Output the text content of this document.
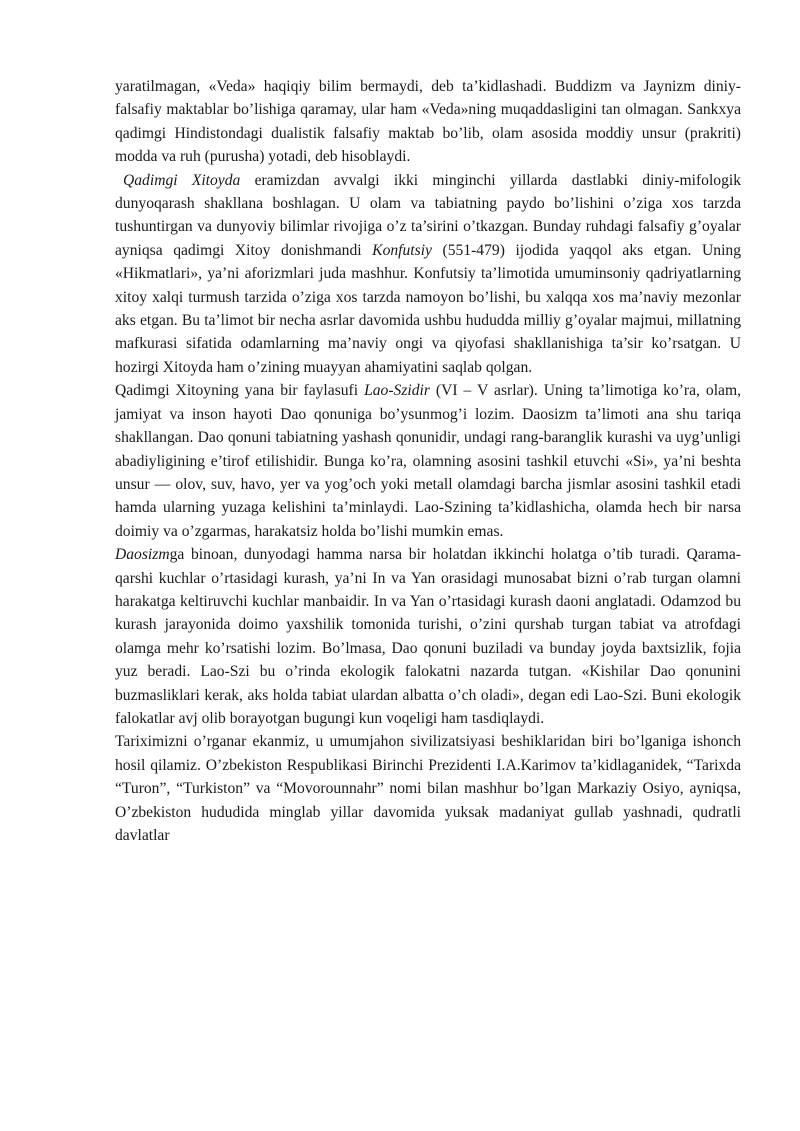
yaratilmagan, «Veda» haqiqiy bilim bermaydi, deb ta’kidlashadi. Buddizm va Jaynizm diniy-falsafiy maktablar bo’lishiga qaramay, ular ham «Veda»ning muqaddasligini tan olmagan. Sankxya qadimgi Hindistondagi dualistik falsafiy maktab bo’lib, olam asosida moddiy unsur (prakriti) modda va ruh (purusha) yotadi, deb hisoblaydi.

Qadimgi Xitoyda eramizdan avvalgi ikki minginchi yillarda dastlabki diniy-mifologik dunyoqarash shakllana boshlagan. U olam va tabiatning paydo bo’lishini o’ziga xos tarzda tushuntirgan va dunyoviy bilimlar rivojiga o’z ta’sirini o’tkazgan. Bunday ruhdagi falsafiy g’oyalar ayniqsa qadimgi Xitoy donishmandi Konfutsiy (551-479) ijodida yaqqol aks etgan. Uning «Hikmatlari», ya’ni aforizmlari juda mashhur. Konfutsiy ta’limotida umuminsoniy qadriyatlarning xitoy xalqi turmush tarzida o’ziga xos tarzda namoyon bo’lishi, bu xalqqa xos ma’naviy mezonlar aks etgan. Bu ta’limot bir necha asrlar davomida ushbu hududda milliy g’oyalar majmui, millatning mafkurasi sifatida odamlarning ma’naviy ongi va qiyofasi shakllanishiga ta’sir ko’rsatgan. U hozirgi Xitoyda ham o’zining muayyan ahamiyatini saqlab qolgan.

Qadimgi Xitoyning yana bir faylasufi Lao-Szidir (VI – V asrlar). Uning ta’limotiga ko’ra, olam, jamiyat va inson hayoti Dao qonuniga bo’ysunmog’i lozim. Daosizm ta’limoti ana shu tariqa shakllangan. Dao qonuni tabiatning yashash qonunidir, undagi rang-baranglik kurashi va uyg’unligi abadiyligining e’tirof etilishidir. Bunga ko’ra, olamning asosini tashkil etuvchi «Si», ya’ni beshta unsur — olov, suv, havo, yer va yog’och yoki metall olamdagi barcha jismlar asosini tashkil etadi hamda ularning yuzaga kelishini ta’minlaydi. Lao-Szining ta’kidlashicha, olamda hech bir narsa doimiy va o’zgarmas, harakatsiz holda bo’lishi mumkin emas.

Daosizmga binoan, dunyodagi hamma narsa bir holatdan ikkinchi holatga o’tib turadi. Qarama-qarshi kuchlar o’rtasidagi kurash, ya’ni In va Yan orasidagi munosabat bizni o’rab turgan olamni harakatga keltiruvchi kuchlar manbaidir. In va Yan o’rtasidagi kurash daoni anglatadi. Odamzod bu kurash jarayonida doimo yaxshilik tomonida turishi, o’zini qurshab turgan tabiat va atrofdagi olamga mehr ko’rsatishi lozim. Bo’lmasa, Dao qonuni buziladi va bunday joyda baxtsizlik, fojia yuz beradi. Lao-Szi bu o’rinda ekologik falokatni nazarda tutgan. «Kishilar Dao qonunini buzmasliklari kerak, aks holda tabiat ulardan albatta o’ch oladi», degan edi Lao-Szi. Buni ekologik falokatlar avj olib borayotgan bugungi kun voqeligi ham tasdiqlaydi.

Tariximizni o’rganar ekanmiz, u umumjahon sivilizatsiyasi beshiklaridan biri bo’lganiga ishonch hosil qilamiz. O’zbekiston Respublikasi Birinchi Prezidenti I.A.Karimov ta’kidlaganidek, “Tarixda “Turon”, “Turkiston” va “Movorounnahr” nomi bilan mashhur bo’lgan Markaziy Osiyo, ayniqsa, O’zbekiston hududida minglab yillar davomida yuksak madaniyat gullab yashnadi, qudratli davlatlar
